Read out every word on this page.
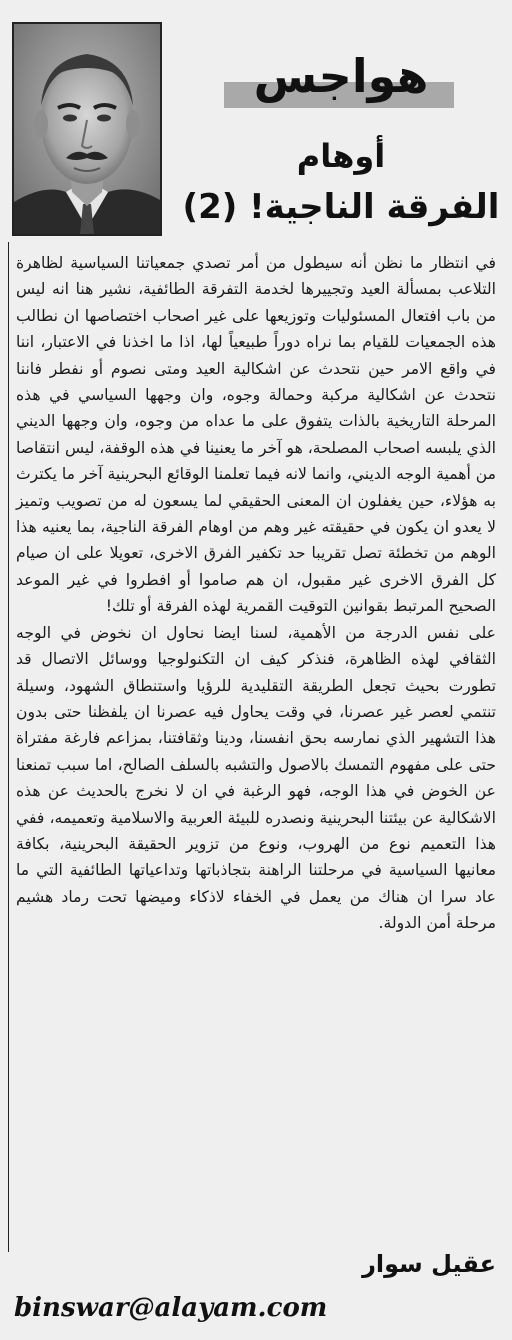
هواجس
أوهام
الفرقة الناجية! (2)

في انتظار ما نظن أنه سيطول من أمر تصدي جمعياتنا السياسية لظاهرة التلاعب بمسألة العيد وتجييرها لخدمة التفرقة الطائفية، نشير هنا انه ليس من باب افتعال المسئوليات وتوزيعها على غير اصحاب اختصاصها ان نطالب هذه الجمعيات للقيام بما نراه دوراً طبيعياً لها، اذا ما اخذنا في الاعتبار، اننا في واقع الامر حين نتحدث عن اشكالية العيد ومتى نصوم أو نفطر فاننا نتحدث عن اشكالية مركبة وحمالة وجوه، وان وجهها السياسي في هذه المرحلة التاريخية بالذات يتفوق على ما عداه من وجوه، وان وجهها الديني الذي يلبسه اصحاب المصلحة، هو آخر ما يعنينا في هذه الوقفة، ليس انتقاصا من أهمية الوجه الديني، وانما لانه فيما تعلمنا الوقائع البحرينية آخر ما يكترث به هؤلاء، حين يغفلون ان المعنى الحقيقي لما يسعون له من تصويب وتميز لا يعدو ان يكون في حقيقته غير وهم من اوهام الفرقة الناجية، بما يعنيه هذا الوهم من تخطئة تصل تقريبا حد تكفير الفرق الاخرى، تعويلا على ان صيام كل الفرق الاخرى غير مقبول، ان هم صاموا أو افطروا في غير الموعد الصحيح المرتبط بقوانين التوقيت القمرية لهذه الفرقة أو تلك!

على نفس الدرجة من الأهمية، لسنا ايضا نحاول ان نخوض في الوجه الثقافي لهذه الظاهرة، فنذكر كيف ان التكنولوجيا ووسائل الاتصال قد تطورت بحيث تجعل الطريقة التقليدية للرؤيا واستنطاق الشهود، وسيلة تنتمي لعصر غير عصرنا، في وقت يحاول فيه عصرنا ان يلفظنا حتى بدون هذا التشهير الذي نمارسه بحق انفسنا، ودينا وثقافتنا، بمزاعم فارغة مفتراة حتى على مفهوم التمسك بالاصول والتشبه بالسلف الصالح، اما سبب تمنعنا عن الخوض في هذا الوجه، فهو الرغبة في ان لا نخرج بالحديث عن هذه الاشكالية عن بيئتنا البحرينية ونصدره للبيئة العربية والاسلامية وتعميمه، ففي هذا التعميم نوع من الهروب، ونوع من تزوير الحقيقة البحرينية، بكافة معانيها السياسية في مرحلتنا الراهنة بتجاذباتها وتداعياتها الطائفية التي ما عاد سرا ان هناك من يعمل في الخفاء لاذكاء وميضها تحت رماد هشيم مرحلة أمن الدولة.

عقيل سوار
binswar@alayam.com
